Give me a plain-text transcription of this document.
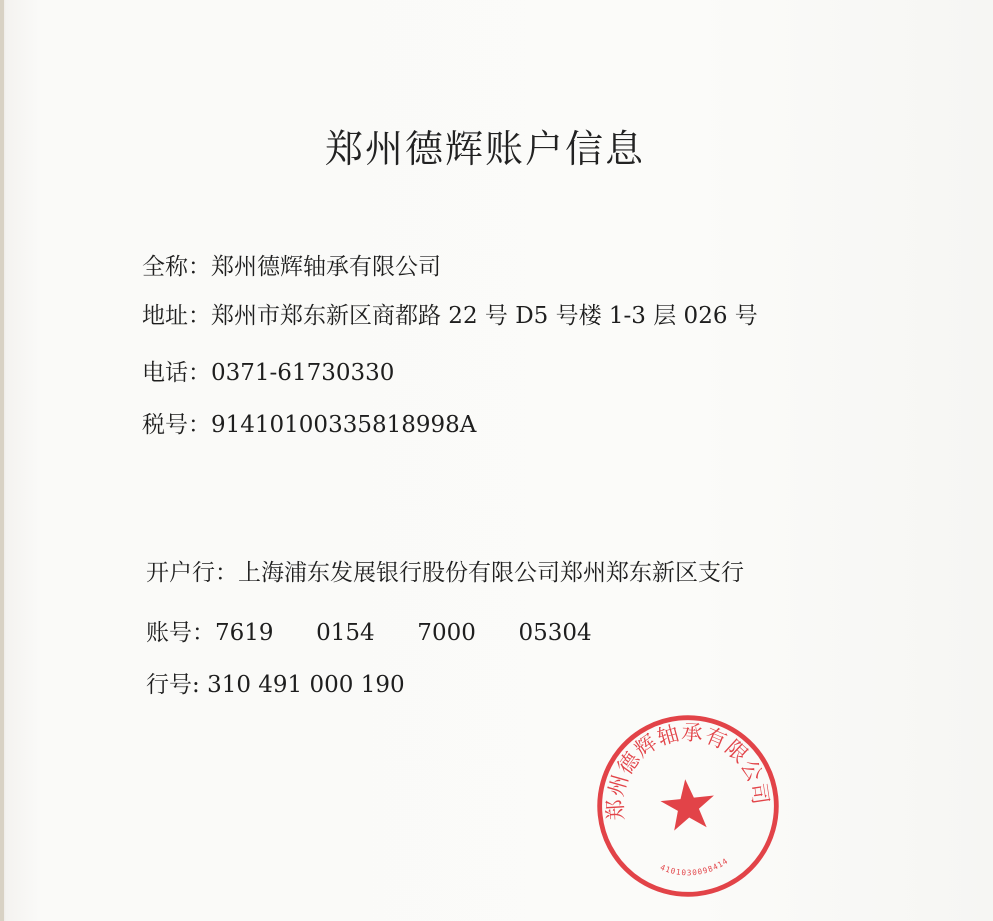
郑州德辉账户信息
全称：郑州德辉轴承有限公司
地址：郑州市郑东新区商都路 22 号 D5 号楼 1-3 层 026 号
电话：0371-61730330
税号：91410100335818998A
开户行：上海浦东发展银行股份有限公司郑州郑东新区支行
账号：7619  0154  7000  05304
行号: 310 491 000 190
郑州德辉轴承有限公司
4101030098414
